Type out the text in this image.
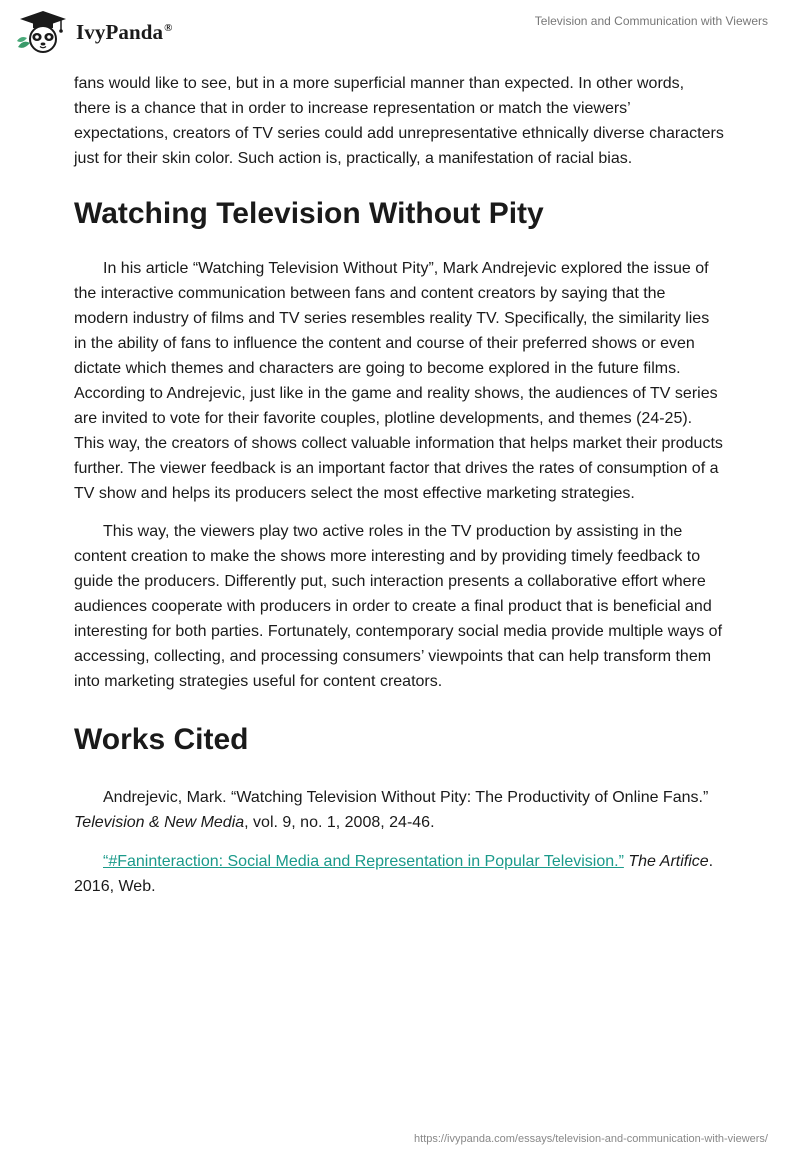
IvyPanda®	Television and Communication with Viewers

fans would like to see, but in a more superficial manner than expected. In other words, there is a chance that in order to increase representation or match the viewers’ expectations, creators of TV series could add unrepresentative ethnically diverse characters just for their skin color. Such action is, practically, a manifestation of racial bias.

Watching Television Without Pity

In his article “Watching Television Without Pity”, Mark Andrejevic explored the issue of the interactive communication between fans and content creators by saying that the modern industry of films and TV series resembles reality TV. Specifically, the similarity lies in the ability of fans to influence the content and course of their preferred shows or even dictate which themes and characters are going to become explored in the future films. According to Andrejevic, just like in the game and reality shows, the audiences of TV series are invited to vote for their favorite couples, plotline developments, and themes (24-25). This way, the creators of shows collect valuable information that helps market their products further. The viewer feedback is an important factor that drives the rates of consumption of a TV show and helps its producers select the most effective marketing strategies.

This way, the viewers play two active roles in the TV production by assisting in the content creation to make the shows more interesting and by providing timely feedback to guide the producers. Differently put, such interaction presents a collaborative effort where audiences cooperate with producers in order to create a final product that is beneficial and interesting for both parties. Fortunately, contemporary social media provide multiple ways of accessing, collecting, and processing consumers’ viewpoints that can help transform them into marketing strategies useful for content creators.

Works Cited

Andrejevic, Mark. “Watching Television Without Pity: The Productivity of Online Fans.” Television & New Media, vol. 9, no. 1, 2008, 24-46.

“#Faninteraction: Social Media and Representation in Popular Television.” The Artifice. 2016, Web.

https://ivypanda.com/essays/television-and-communication-with-viewers/
